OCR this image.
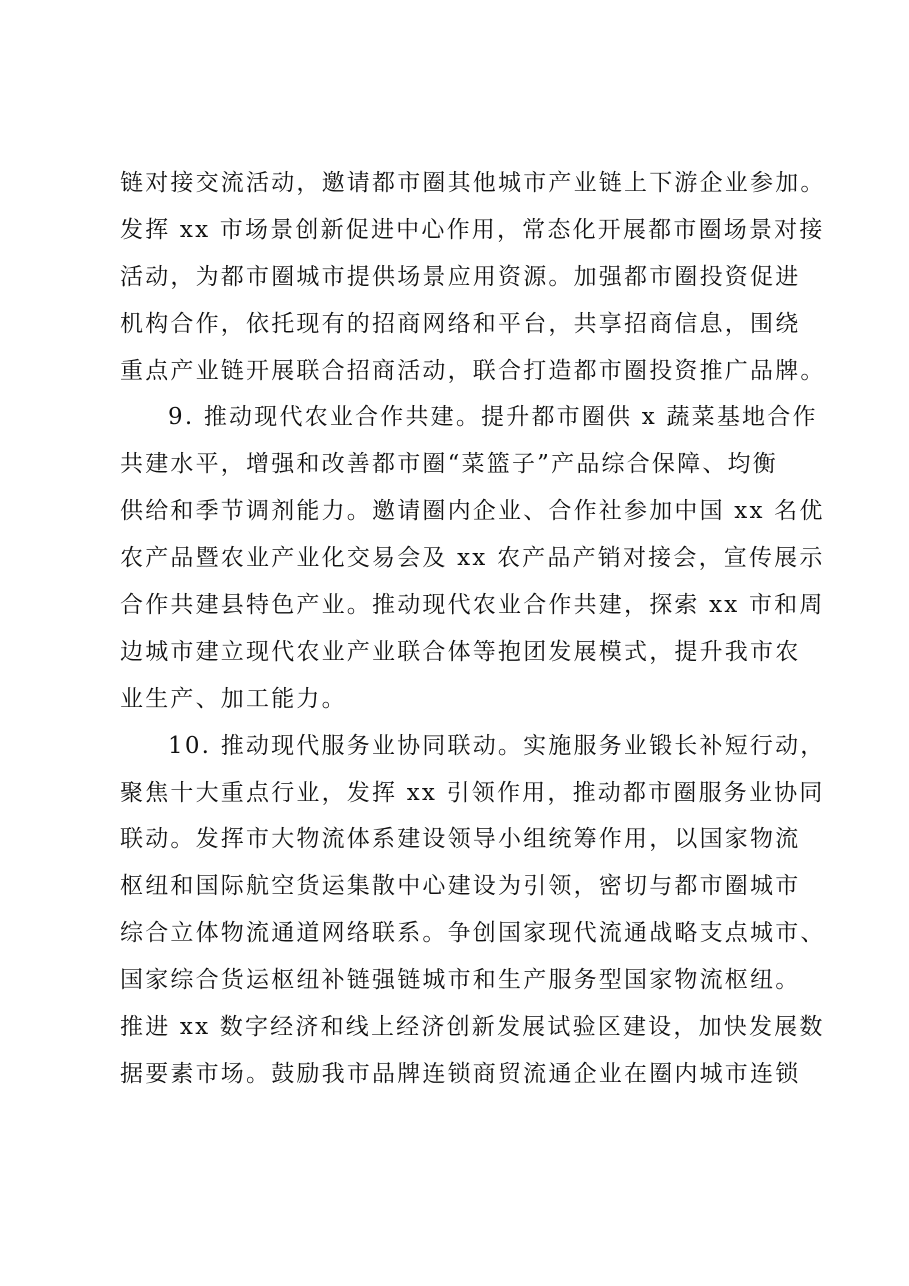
链对接交流活动，邀请都市圈其他城市产业链上下游企业参加。
发挥 xx 市场景创新促进中心作用，常态化开展都市圈场景对接
活动，为都市圈城市提供场景应用资源。加强都市圈投资促进
机构合作，依托现有的招商网络和平台，共享招商信息，围绕
重点产业链开展联合招商活动，联合打造都市圈投资推广品牌。
9. 推动现代农业合作共建。提升都市圈供 x 蔬菜基地合作
共建水平，增强和改善都市圈“菜篮子”产品综合保障、均衡
供给和季节调剂能力。邀请圈内企业、合作社参加中国 xx 名优
农产品暨农业产业化交易会及 xx 农产品产销对接会，宣传展示
合作共建县特色产业。推动现代农业合作共建，探索 xx 市和周
边城市建立现代农业产业联合体等抱团发展模式，提升我市农
业生产、加工能力。
10. 推动现代服务业协同联动。实施服务业锻长补短行动，
聚焦十大重点行业，发挥 xx 引领作用，推动都市圈服务业协同
联动。发挥市大物流体系建设领导小组统筹作用，以国家物流
枢纽和国际航空货运集散中心建设为引领，密切与都市圈城市
综合立体物流通道网络联系。争创国家现代流通战略支点城市、
国家综合货运枢纽补链强链城市和生产服务型国家物流枢纽。
推进 xx 数字经济和线上经济创新发展试验区建设，加快发展数
据要素市场。鼓励我市品牌连锁商贸流通企业在圈内城市连锁
